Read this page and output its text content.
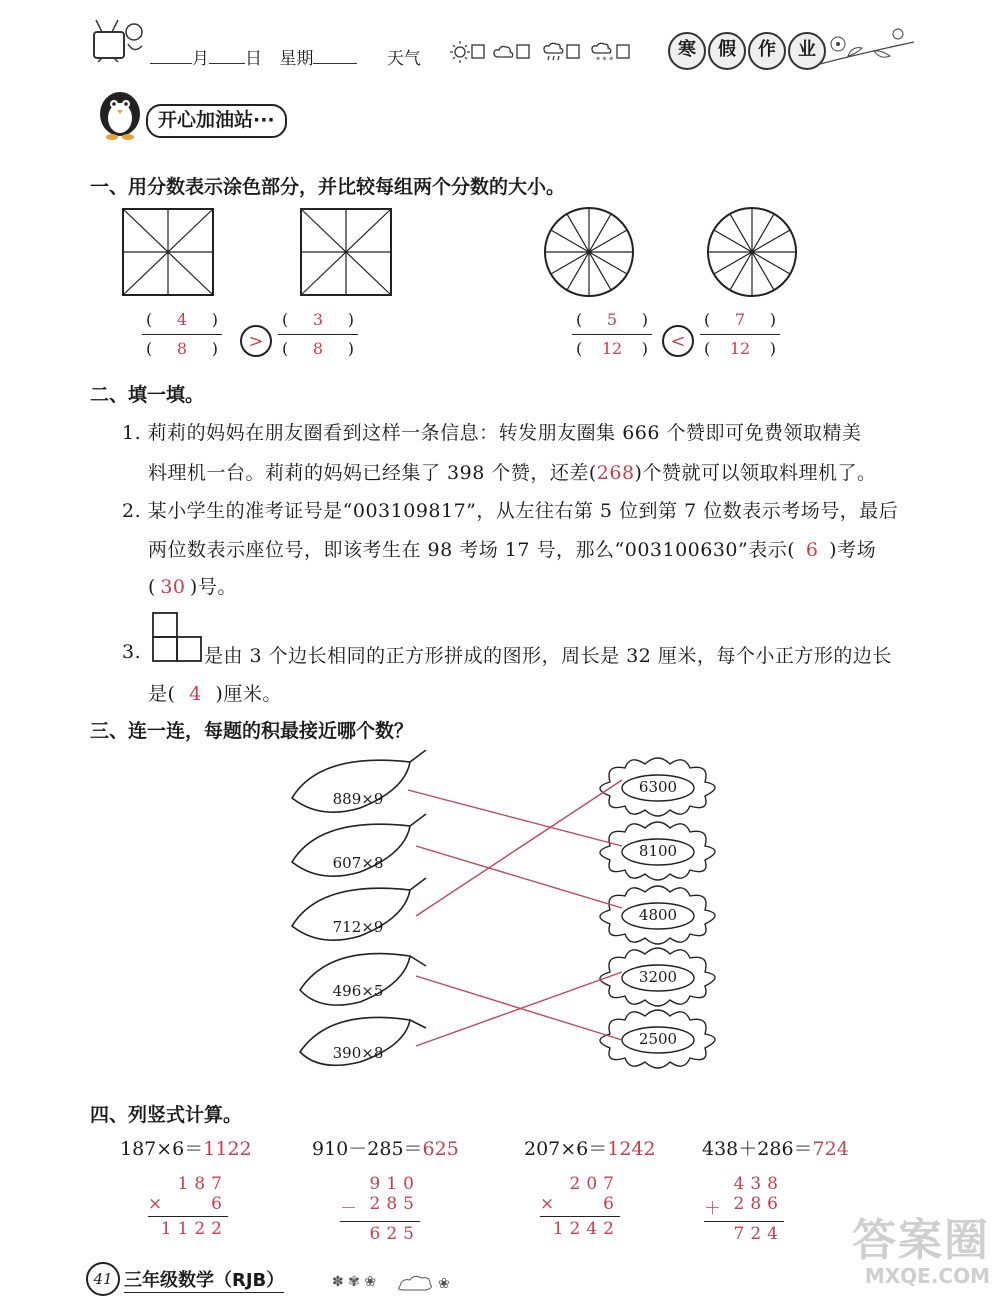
月 日 星期	天气	* * *
寒	假	作	业
开心加油站···
一、用分数表示涂色部分，并比较每组两个分数的大小。
( 4 )
( 8 )	>
( 3 )
( 8 )
( 5 )
( 12 )	<
( 7 )
( 12 )
二、填一填。
1. 莉莉的妈妈在朋友圈看到这样一条信息：转发朋友圈集 666 个赞即可免费领取精美
料理机一台。莉莉的妈妈已经集了 398 个赞，还差(268)个赞就可以领取料理机了。
2. 某小学生的准考证号是“003109817”，从左往右第 5 位到第 7 位数表示考场号，最后
两位数表示座位号，即该考生在 98 考场 17 号，那么“003100630”表示( 6 )考场
( 30 )号。
3.	是由 3 个边长相同的正方形拼成的图形，周长是 32 厘米，每个小正方形的边长
是( 4 )厘米。
三、连一连，每题的积最接近哪个数？
889×9
607×8
712×9
496×5
390×8
6300
8100
4800
3200
2500
四、列竖式计算。
187×6＝1122
187
×	6
1122
910－285＝625
910
－ 285
625
207×6＝1242
207
×	6
1242
438＋286＝724
438
＋ 286
724
41 三年级数学（RJB）	✽ ✾ ❀	❀
答案圈
MXQE.COM
